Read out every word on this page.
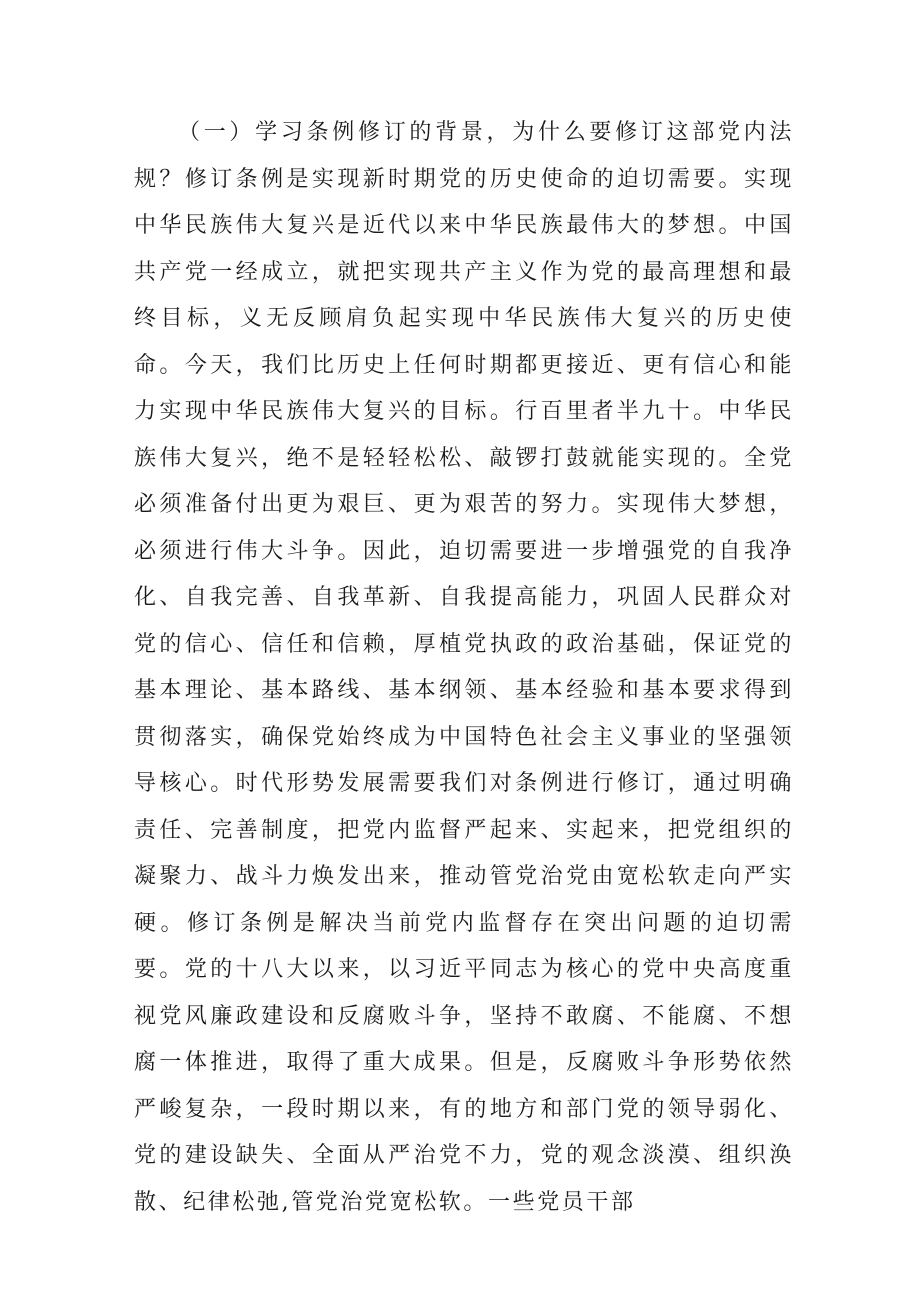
（一）学习条例修订的背景，为什么要修订这部党内法规？修订条例是实现新时期党的历史使命的迫切需要。实现中华民族伟大复兴是近代以来中华民族最伟大的梦想。中国共产党一经成立，就把实现共产主义作为党的最高理想和最终目标，义无反顾肩负起实现中华民族伟大复兴的历史使命。今天，我们比历史上任何时期都更接近、更有信心和能力实现中华民族伟大复兴的目标。行百里者半九十。中华民族伟大复兴，绝不是轻轻松松、敲锣打鼓就能实现的。全党必须准备付出更为艰巨、更为艰苦的努力。实现伟大梦想，必须进行伟大斗争。因此，迫切需要进一步增强党的自我净化、自我完善、自我革新、自我提高能力，巩固人民群众对党的信心、信任和信赖，厚植党执政的政治基础，保证党的基本理论、基本路线、基本纲领、基本经验和基本要求得到贯彻落实，确保党始终成为中国特色社会主义事业的坚强领导核心。时代形势发展需要我们对条例进行修订，通过明确责任、完善制度，把党内监督严起来、实起来，把党组织的凝聚力、战斗力焕发出来，推动管党治党由宽松软走向严实硬。修订条例是解决当前党内监督存在突出问题的迫切需要。党的十八大以来，以习近平同志为核心的党中央高度重视党风廉政建设和反腐败斗争，坚持不敢腐、不能腐、不想腐一体推进，取得了重大成果。但是，反腐败斗争形势依然严峻复杂，一段时期以来，有的地方和部门党的领导弱化、党的建设缺失、全面从严治党不力，党的观念淡漠、组织涣散、纪律松弛,管党治党宽松软。一些党员干部
